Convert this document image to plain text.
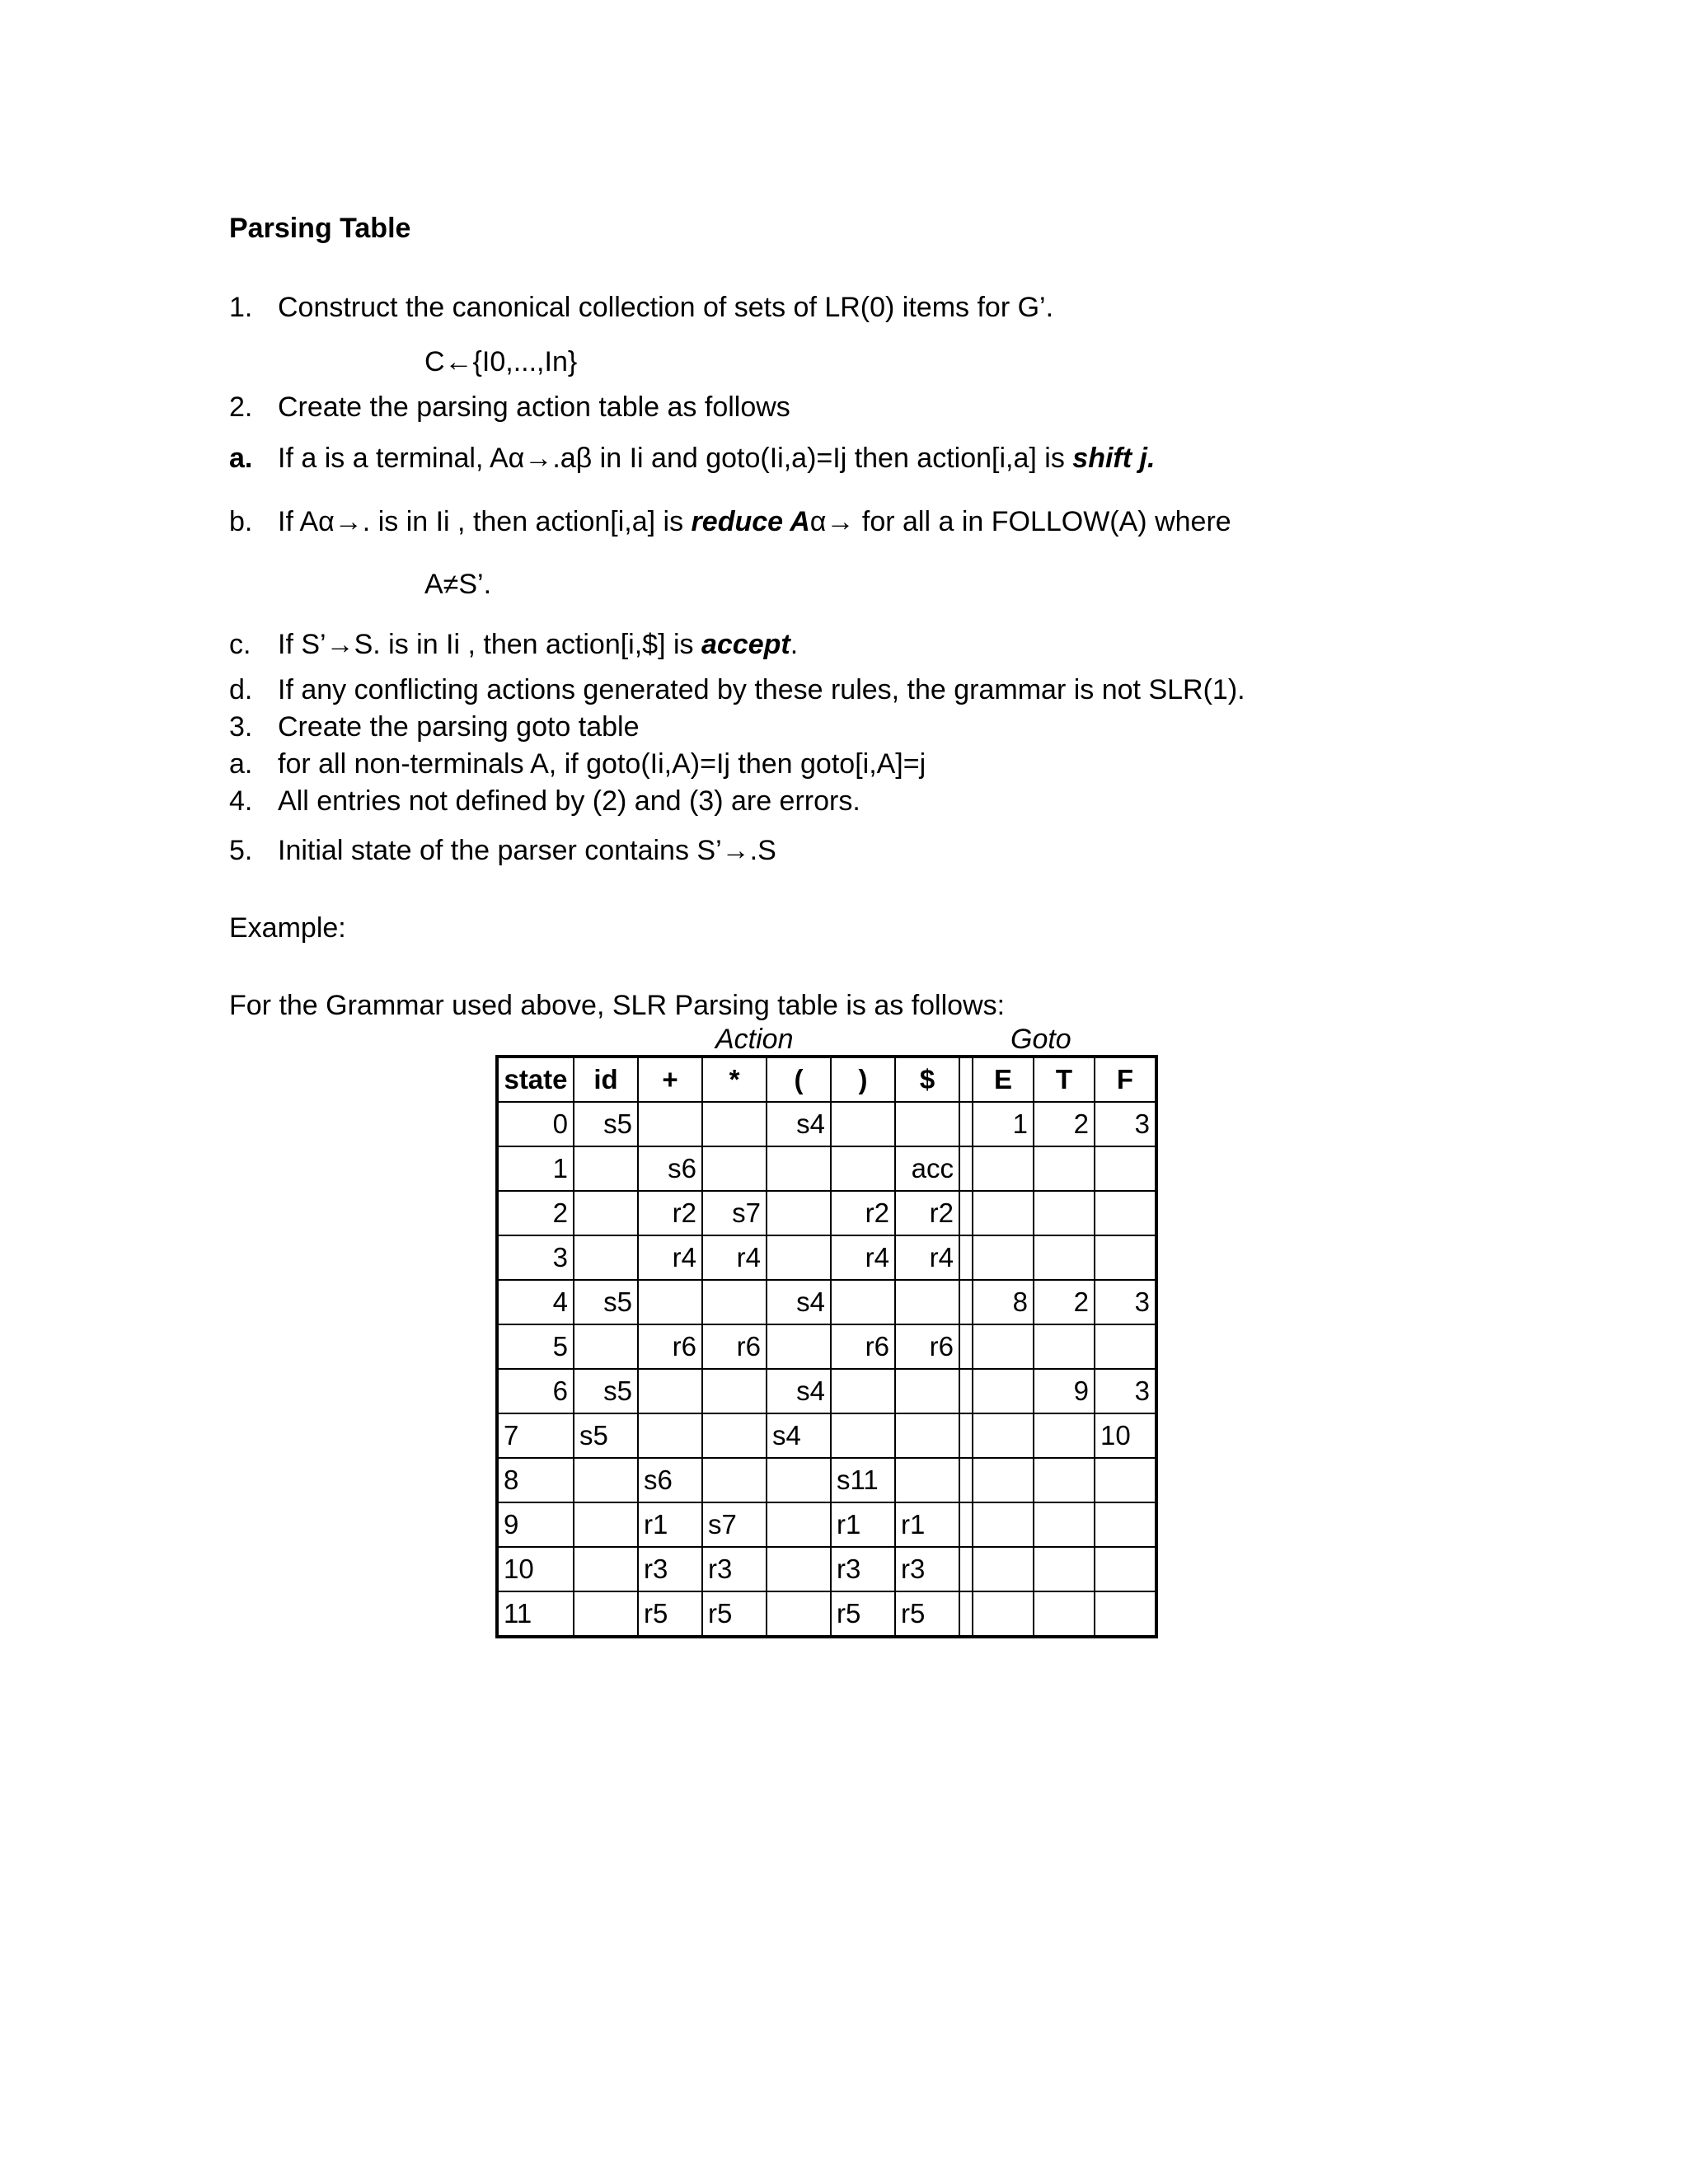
Parsing Table
1. Construct the canonical collection of sets of LR(0) items for G’.
C←{I0,...,In}
2. Create the parsing action table as follows
a. If a is a terminal, Aα→.aβ in Ii and goto(Ii,a)=Ij then action[i,a] is shift j.
b. If Aα→. is in Ii , then action[i,a] is reduce Aα→ for all a in FOLLOW(A) where
A≠S’.
c. If S’→S. is in Ii , then action[i,$] is accept.
d. If any conflicting actions generated by these rules, the grammar is not SLR(1).
3. Create the parsing goto table
a. for all non-terminals A, if goto(Ii,A)=Ij then goto[i,A]=j
4. All entries not defined by (2) and (3) are errors.
5. Initial state of the parser contains S’→.S
Example:
For the Grammar used above, SLR Parsing table is as follows:
Action	Goto
state	id	+	*	(	)	$		E	T	F
0	s5			s4				1	2	3
1		s6				acc				
2		r2	s7		r2	r2				
3		r4	r4		r4	r4				
4	s5			s4				8	2	3
5		r6	r6		r6	r6				
6	s5			s4					9	3
7	s5			s4						10
8		s6			s11					
9		r1	s7		r1	r1				
10		r3	r3		r3	r3				
11		r5	r5		r5	r5				
